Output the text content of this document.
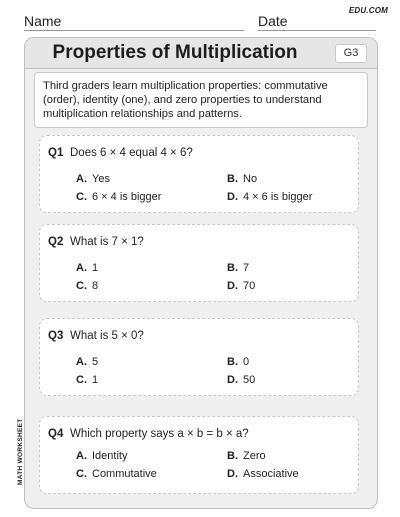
Name	Date
EDU.COM
Properties of Multiplication	G3
Third graders learn multiplication properties: commutative (order), identity (one), and zero properties to understand multiplication relationships and patterns.
Q1 Does 6 × 4 equal 4 × 6?
A. Yes	B. No
C. 6 × 4 is bigger	D. 4 × 6 is bigger
Q2 What is 7 × 1?
A. 1	B. 7
C. 8	D. 70
Q3 What is 5 × 0?
A. 5	B. 0
C. 1	D. 50
Q4 Which property says a × b = b × a?
A. Identity	B. Zero
C. Commutative	D. Associative
MATH WORKSHEET
